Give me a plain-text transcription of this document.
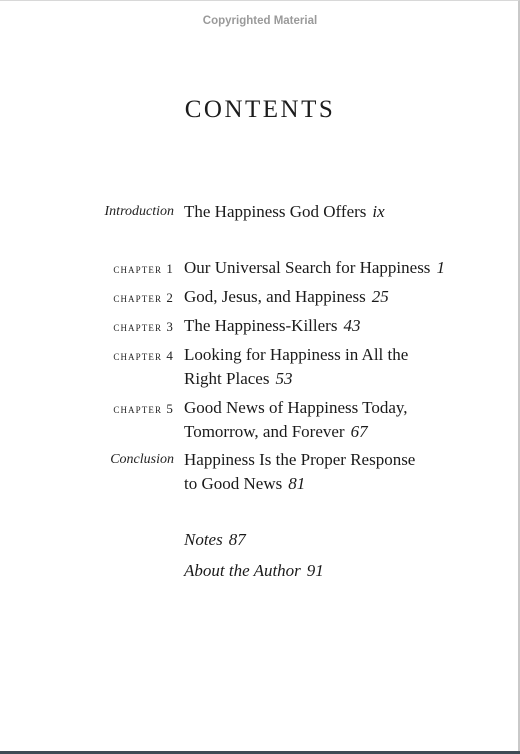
Copyrighted Material
CONTENTS
Introduction The Happiness God Offers ix
chapter 1 Our Universal Search for Happiness 1
chapter 2 God, Jesus, and Happiness 25
chapter 3 The Happiness-Killers 43
chapter 4 Looking for Happiness in All the
Right Places 53
chapter 5 Good News of Happiness Today,
Tomorrow, and Forever 67
Conclusion Happiness Is the Proper Response
to Good News 81
Notes 87
About the Author 91
